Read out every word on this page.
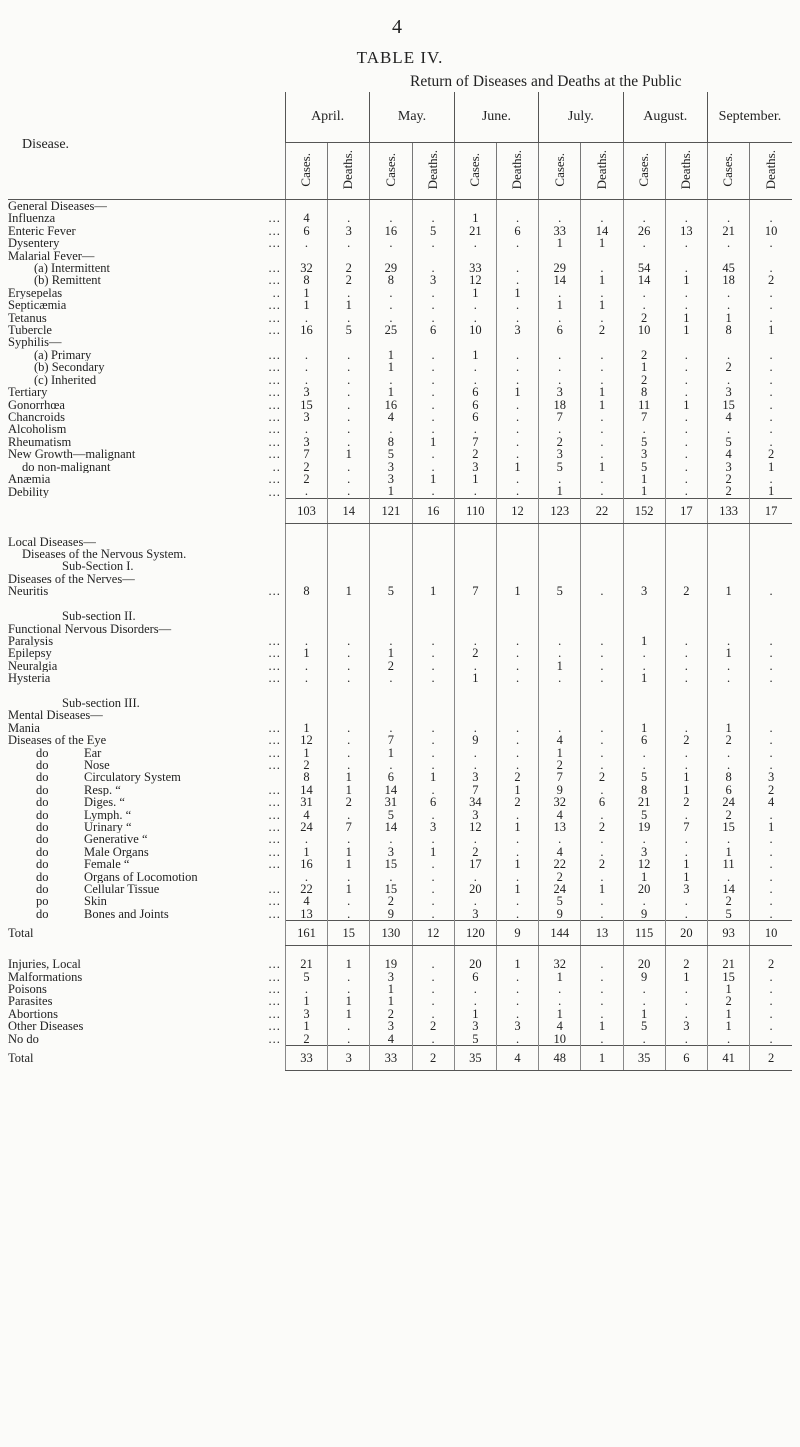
4
TABLE IV.
Return of Diseases and Deaths at the Public
Disease.	April.		May.		June.		July.		August.		September.	
	Cases.	Deaths.	Cases.	Deaths.	Cases.	Deaths.	Cases.	Deaths.	Cases.	Deaths.	Cases.	Deaths.
General Diseases—												
Influenza ...	4	.	.	.	1	.	.	.	.	.	.	.
Enteric Fever ...	6	3	16	5	21	6	33	14	26	13	21	10
Dysentery ...	.	.	.	.	.	.	1	1	.	.	.	.
Malarial Fever—												
(a) Intermittent ...	32	2	29	.	33	.	29	.	54	.	45	.
(b) Remittent ...	8	2	8	3	12	.	14	1	14	1	18	2
Erysepelas ..	1	.	.	.	1	1	.	.	.	.	.	.
Septicæmia ...	1	1	.	.	.	.	1	1	.	.	.	.
Tetanus ...	.	.	.	.	.	.	.	.	2	1	1	.
Tubercle ...	16	5	25	6	10	3	6	2	10	1	8	1
Syphilis—												
(a) Primary ...	.	.	1	.	1	.	.	.	2	.	.	.
(b) Secondary ...	.	.	1	.	.	.	.	.	1	.	2	.
(c) Inherited ...	.	.	.	.	.	.	.	.	2	.	.	.
Tertiary ...	3	.	1	.	6	1	3	1	8	.	3	.
Gonorrhœa ...	15	.	16	.	6	.	18	1	11	1	15	.
Chancroids ...	3	.	4	.	6	.	7	.	7	.	4	.
Alcoholism ...	.	.	.	.	.	.	.	.	.	.	.	.
Rheumatism ...	3	.	8	1	7	.	2	.	5	.	5	.
New Growth—malignant ...	7	1	5	.	2	.	3	.	3	.	4	2
do non-malignant ..	2	.	3	.	3	1	5	1	5	.	3	1
Anæmia ...	2	.	3	1	1	.	.	.	1	.	2	.
Debility ...	.	.	1	.	.	.	1	.	1	.	2	1
	103	14	121	16	110	12	123	22	152	17	133	17

Local Diseases—												
Diseases of the Nervous System.												
Sub-Section I.												
Diseases of the Nerves—												
Neuritis ...	8	1	5	1	7	1	5	.	3	2	1	.

Sub-section II.												
Functional Nervous Disorders—												
Paralysis ...	.	.	.	.	.	.	.	.	1	.	.	.
Epilepsy ...	1	.	1	.	2	.	.	.	.	.	1	.
Neuralgia ...	.	.	2	.	.	.	1	.	.	.	.	.
Hysteria ...	.	.	.	.	1	.	.	.	1	.	.	.

Sub-section III.												
Mental Diseases—												
Mania ...	1	.	.	.	.	.	.	.	1	.	1	.
Diseases of the Eye ...	12	.	7	.	9	.	4	.	6	2	2	.
do Ear ...	1	.	1	.	.	.	1	.	.	.	.	.
do Nose ...	2	.	.	.	.	.	2	.	.	.	.	.
do Circulatory System	8	1	6	1	3	2	7	2	5	1	8	3
do Resp. “ ...	14	1	14	.	7	1	9	.	8	1	6	2
do Diges. “ ...	31	2	31	6	34	2	32	6	21	2	24	4
do Lymph. “ ...	4	.	5	.	3	.	4	.	5	.	2	.
do Urinary “ ...	24	7	14	3	12	1	13	2	19	7	15	1
do Generative “ ...	.	.	.	.	.	.	.	.	.	.	.	.
do Male Organs ...	1	1	3	1	2	.	4	.	3	.	1	.
do Female “ ...	16	1	15	.	17	1	22	2	12	1	11	.
do Organs of Locomotion	.	.	.	.	.	.	2	.	1	1	.	.
do Cellular Tissue ...	22	1	15	.	20	1	24	1	20	3	14	.
po Skin ...	4	.	2	.	.	.	5	.	.	.	2	.
do Bones and Joints ...	13	.	9	.	3	.	9	.	9	.	5	.
Total	161	15	130	12	120	9	144	13	115	20	93	10

Injuries, Local ...	21	1	19	.	20	1	32	.	20	2	21	2
Malformations ...	5	.	3	.	6	.	1	.	9	1	15	.
Poisons ...	.	.	1	.	.	.	.	.	.	.	1	.
Parasites ...	1	1	1	.	.	.	.	.	.	.	2	.
Abortions ...	3	1	2	.	1	.	1	.	1	.	1	.
Other Diseases ...	1	.	3	2	3	3	4	1	5	3	1	.
No do ...	2	.	4	.	5	.	10	.	.	.	.	.
Total	33	3	33	2	35	4	48	1	35	6	41	2
